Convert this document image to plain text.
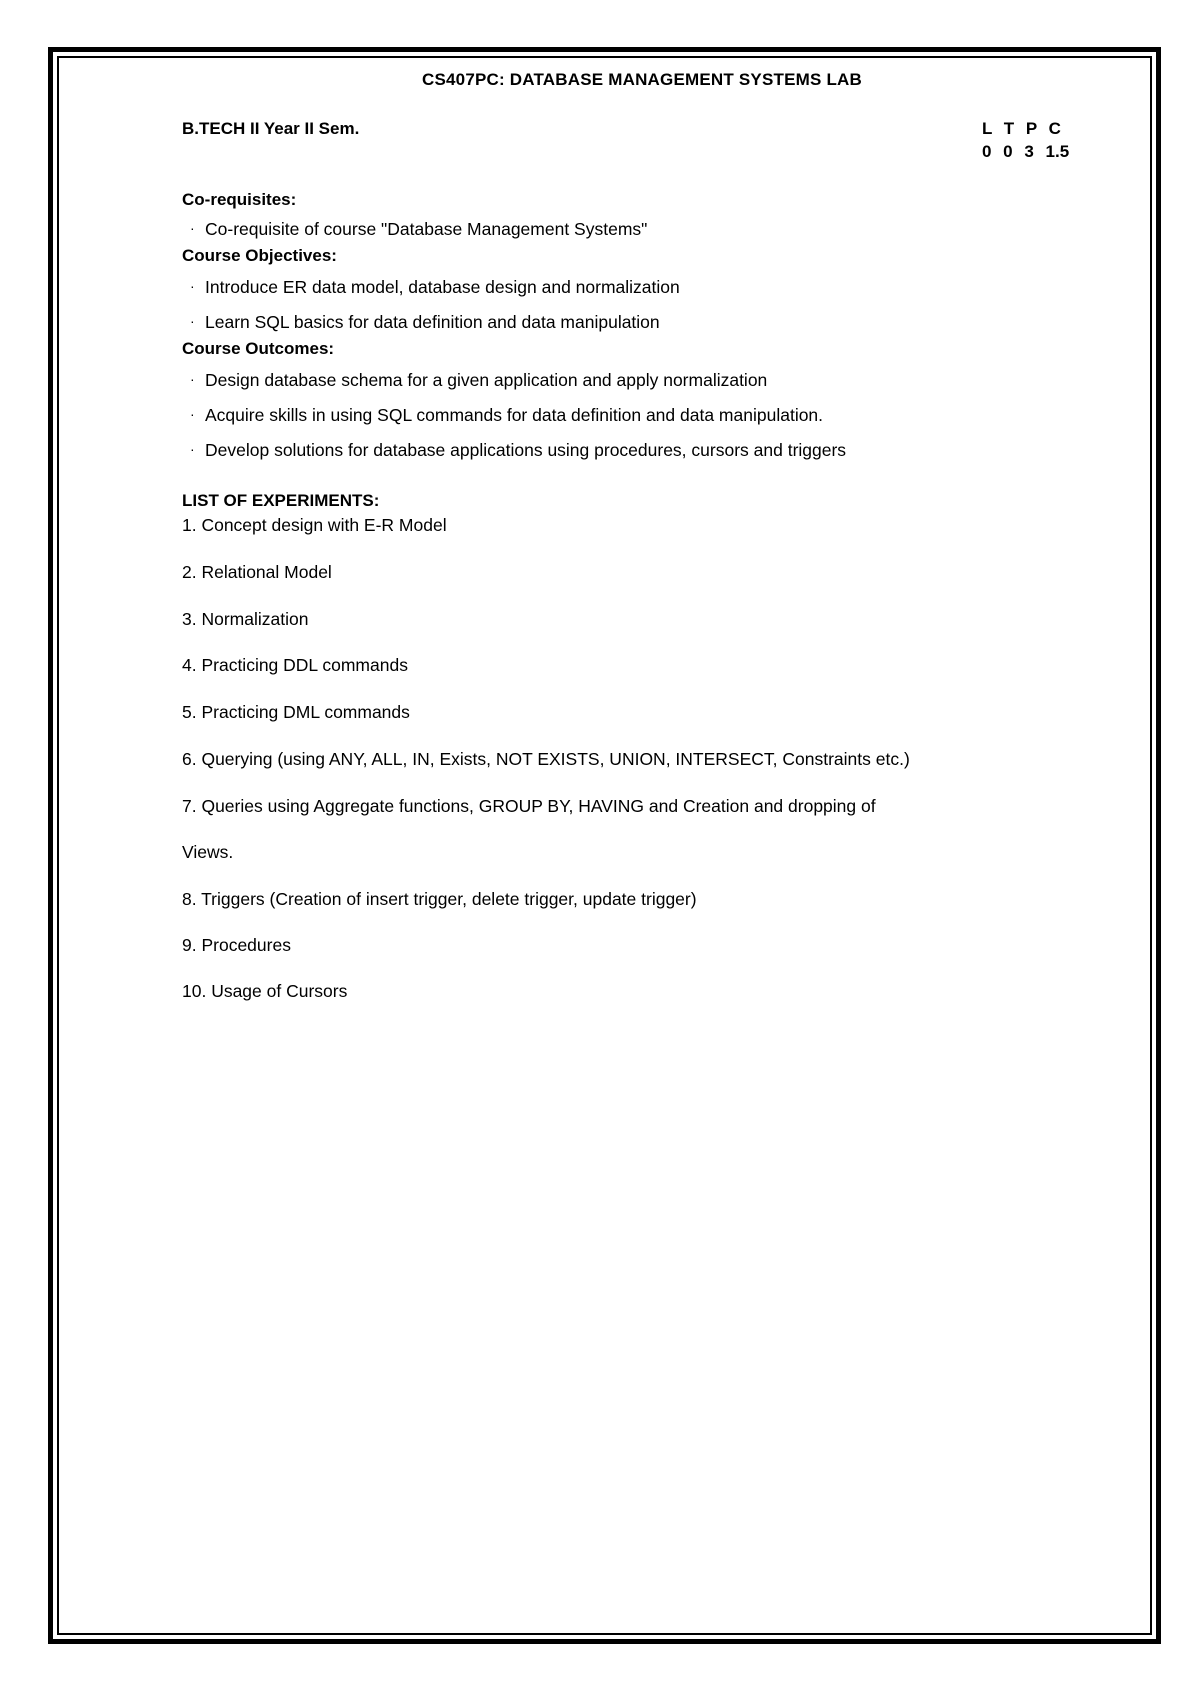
CS407PC: DATABASE MANAGEMENT SYSTEMS LAB
B.TECH II Year II Sem.	L T P C
0 0 3 1.5
Co-requisites:
· Co-requisite of course "Database Management Systems"
Course Objectives:
· Introduce ER data model, database design and normalization
· Learn SQL basics for data definition and data manipulation
Course Outcomes:
· Design database schema for a given application and apply normalization
· Acquire skills in using SQL commands for data definition and data manipulation.
· Develop solutions for database applications using procedures, cursors and triggers
LIST OF EXPERIMENTS:
1. Concept design with E-R Model
2. Relational Model
3. Normalization
4. Practicing DDL commands
5. Practicing DML commands
6. Querying (using ANY, ALL, IN, Exists, NOT EXISTS, UNION, INTERSECT, Constraints etc.)
7. Queries using Aggregate functions, GROUP BY, HAVING and Creation and dropping of
Views.
8. Triggers (Creation of insert trigger, delete trigger, update trigger)
9. Procedures
10. Usage of Cursors
